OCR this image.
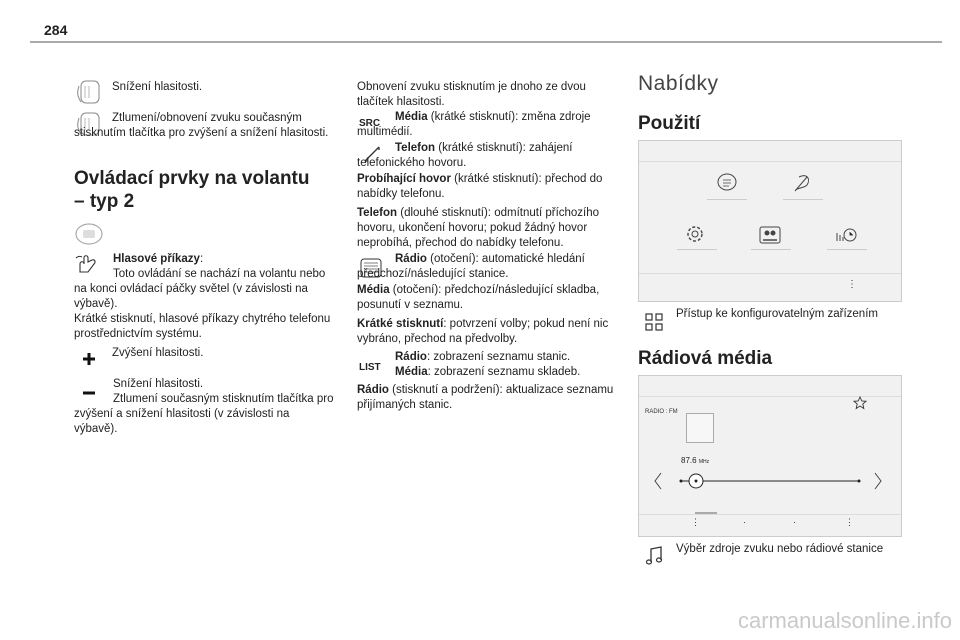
284
Snížení hlasitosti.
Ztlumení/obnovení zvuku současným stisknutím tlačítka pro zvýšení a snížení hlasitosti.
Ovládací prvky na volantu
– typ 2
Hlasové příkazy:
Toto ovládání se nachází na volantu nebo na konci ovládací páčky světel (v závislosti na výbavě).
Krátké stisknutí, hlasové příkazy chytrého telefonu prostřednictvím systému.
Zvýšení hlasitosti.
Snížení hlasitosti.
Ztlumení současným stisknutím tlačítka pro zvýšení a snížení hlasitosti (v závislosti na výbavě).
Obnovení zvuku stisknutím je dnoho ze dvou tlačítek hlasitosti.
SRC
Média (krátké stisknutí): změna zdroje multimédií.
Telefon (krátké stisknutí): zahájení telefonického hovoru.
Probíhající hovor (krátké stisknutí): přechod do nabídky telefonu.
Telefon (dlouhé stisknutí): odmítnutí příchozího hovoru, ukončení hovoru; pokud žádný hovor neprobíhá, přechod do nabídky telefonu.
Rádio (otočení): automatické hledání předchozí/následující stanice.
Média (otočení): předchozí/následující skladba, posunutí v seznamu.
Krátké stisknutí: potvrzení volby; pokud není nic vybráno, přechod na předvolby.
LIST
Rádio: zobrazení seznamu stanic.
Média: zobrazení seznamu skladeb.
Rádio (stisknutí a podržení): aktualizace seznamu přijímaných stanic.
Nabídky
Použití
⋮
Přístup ke konfigurovatelným zařízením
Rádiová média
RADIO : FM
87.6 MHz
⋮	·	·	⋮
Výběr zdroje zvuku nebo rádiové stanice
carmanualsonline.info
